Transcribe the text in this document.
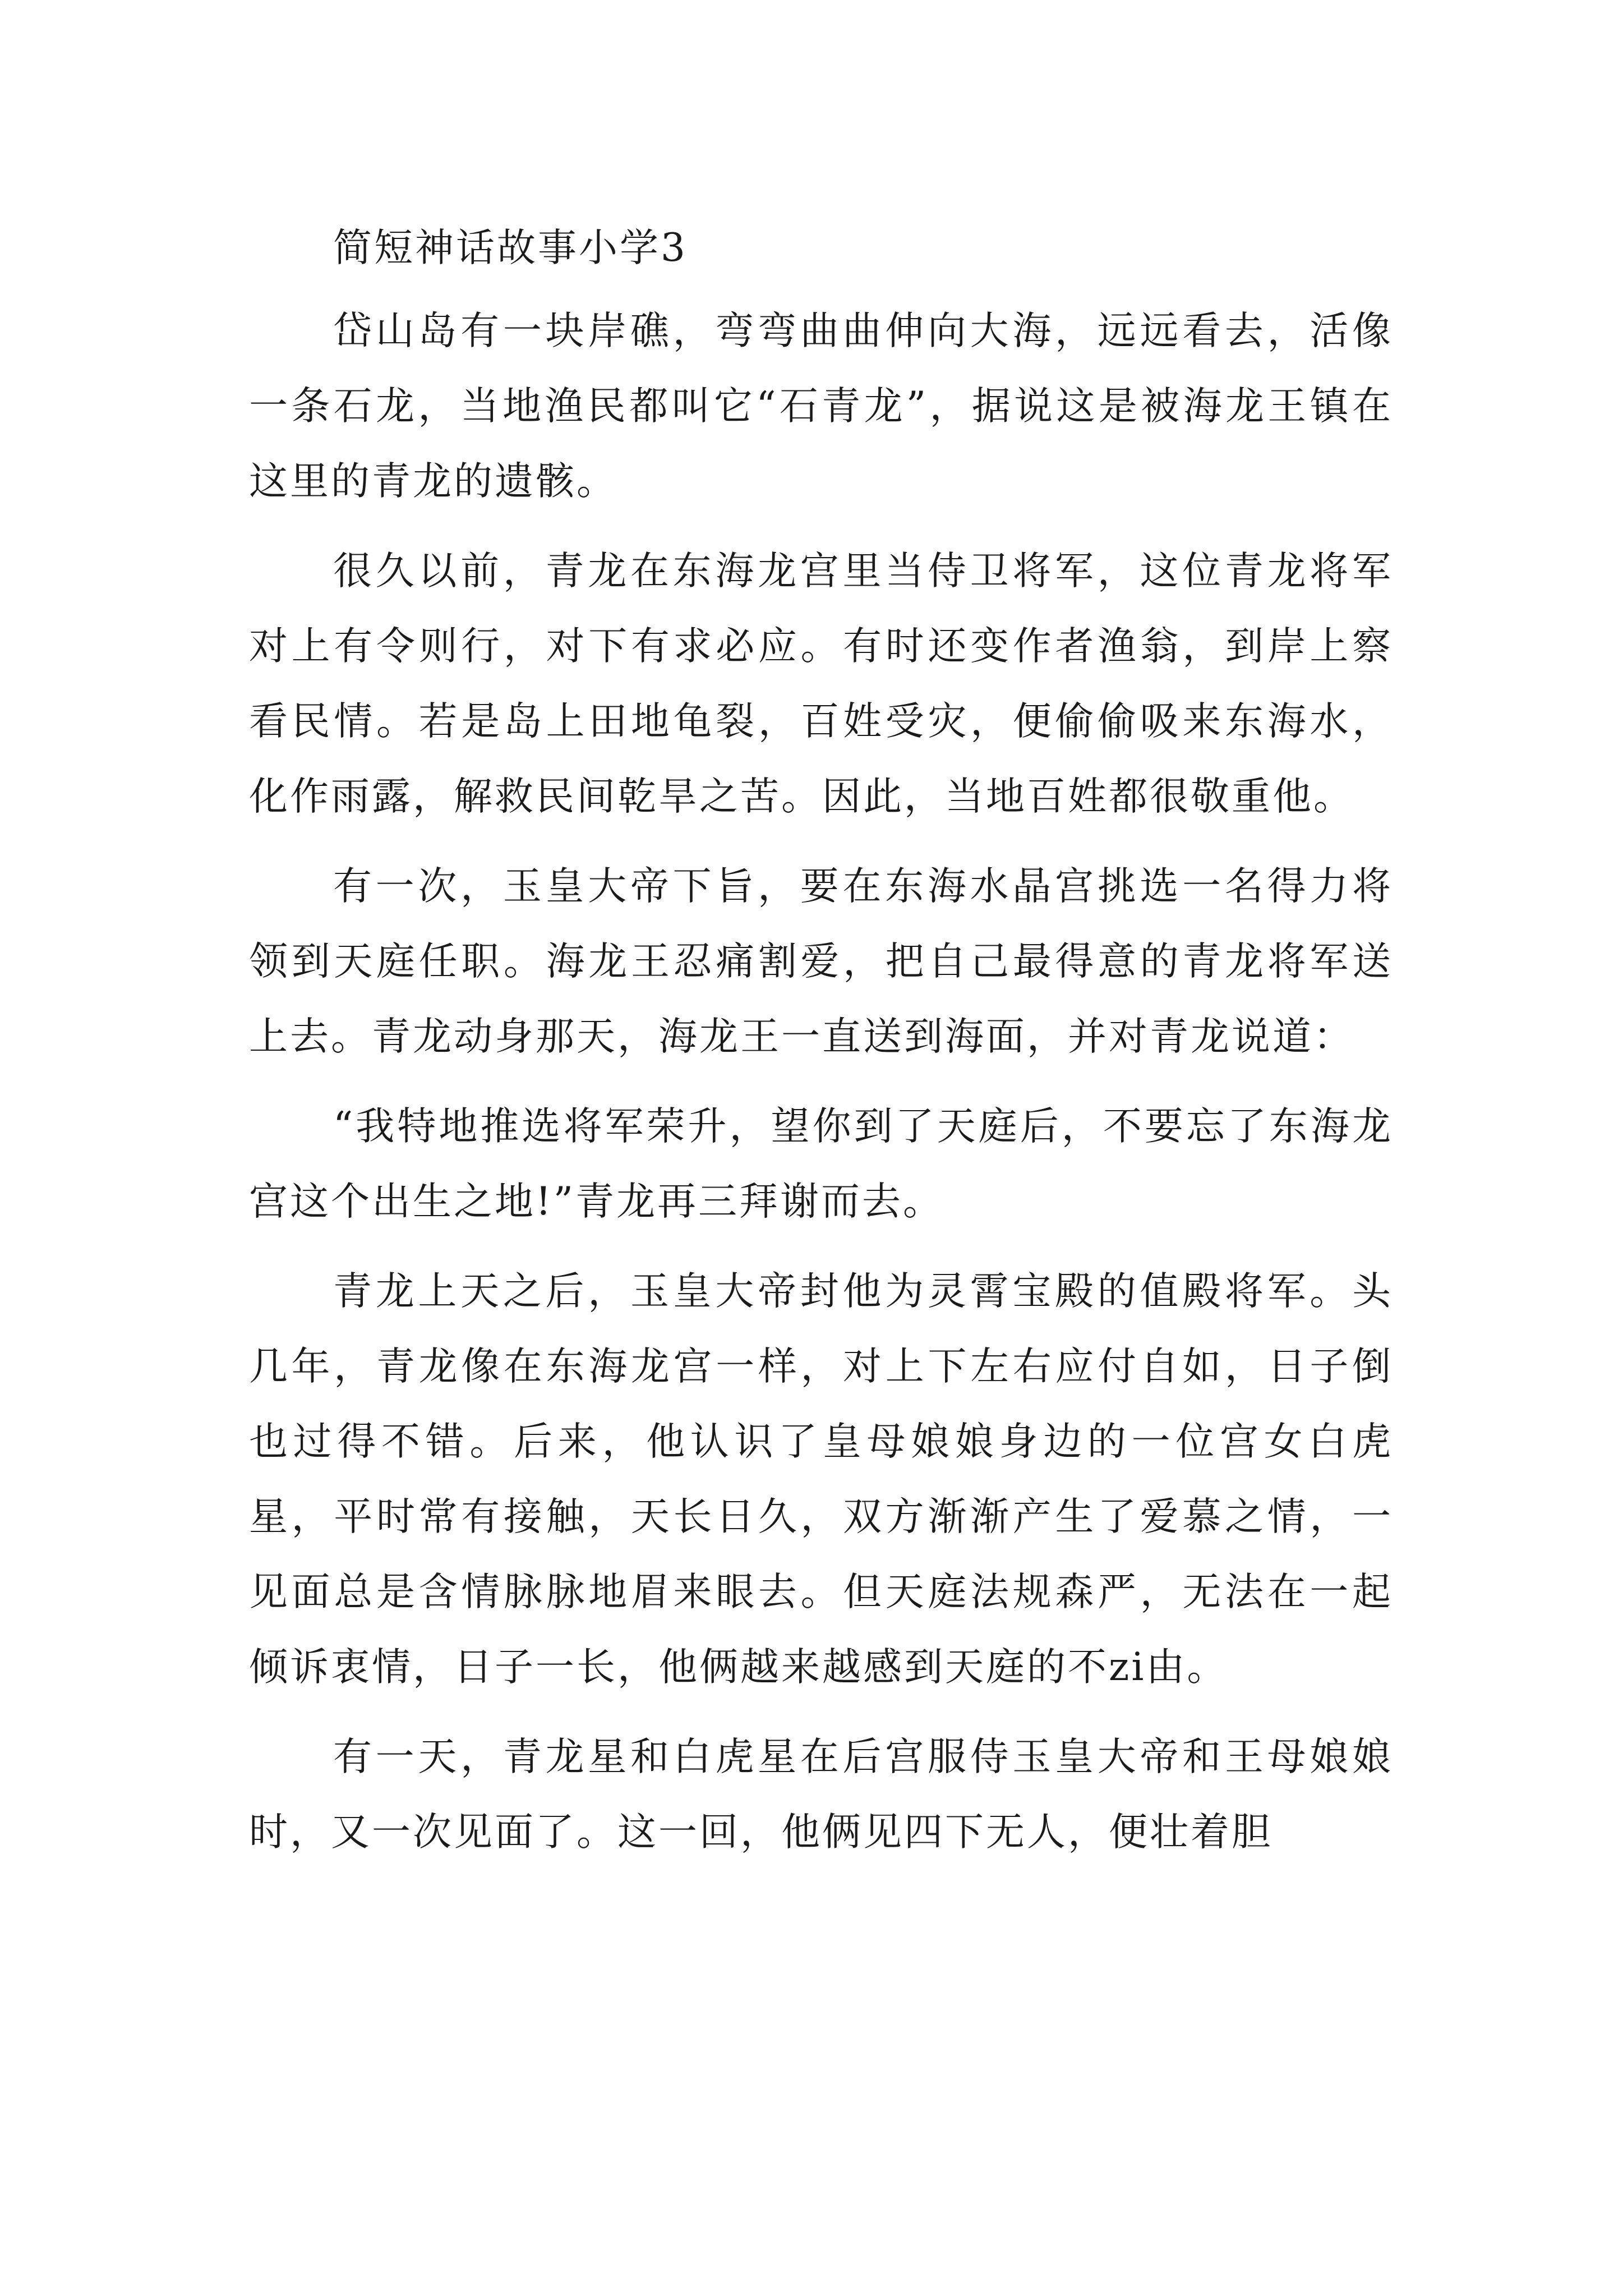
简短神话故事小学3

岱山岛有一块岸礁，弯弯曲曲伸向大海，远远看去，活像一条石龙，当地渔民都叫它“石青龙”，据说这是被海龙王镇在这里的青龙的遗骸。

很久以前，青龙在东海龙宫里当侍卫将军，这位青龙将军对上有令则行，对下有求必应。有时还变作者渔翁，到岸上察看民情。若是岛上田地龟裂，百姓受灾，便偷偷吸来东海水，化作雨露，解救民间乾旱之苦。因此，当地百姓都很敬重他。

有一次，玉皇大帝下旨，要在东海水晶宫挑选一名得力将领到天庭任职。海龙王忍痛割爱，把自己最得意的青龙将军送上去。青龙动身那天，海龙王一直送到海面，并对青龙说道：

“我特地推选将军荣升，望你到了天庭后，不要忘了东海龙宫这个出生之地!”青龙再三拜谢而去。

青龙上天之后，玉皇大帝封他为灵霄宝殿的值殿将军。头几年，青龙像在东海龙宫一样，对上下左右应付自如，日子倒也过得不错。后来，他认识了皇母娘娘身边的一位宫女白虎星，平时常有接触，天长日久，双方渐渐产生了爱慕之情，一见面总是含情脉脉地眉来眼去。但天庭法规森严，无法在一起倾诉衷情，日子一长，他俩越来越感到天庭的不zi由。

有一天，青龙星和白虎星在后宫服侍玉皇大帝和王母娘娘时，又一次见面了。这一回，他俩见四下无人，便壮着胆
